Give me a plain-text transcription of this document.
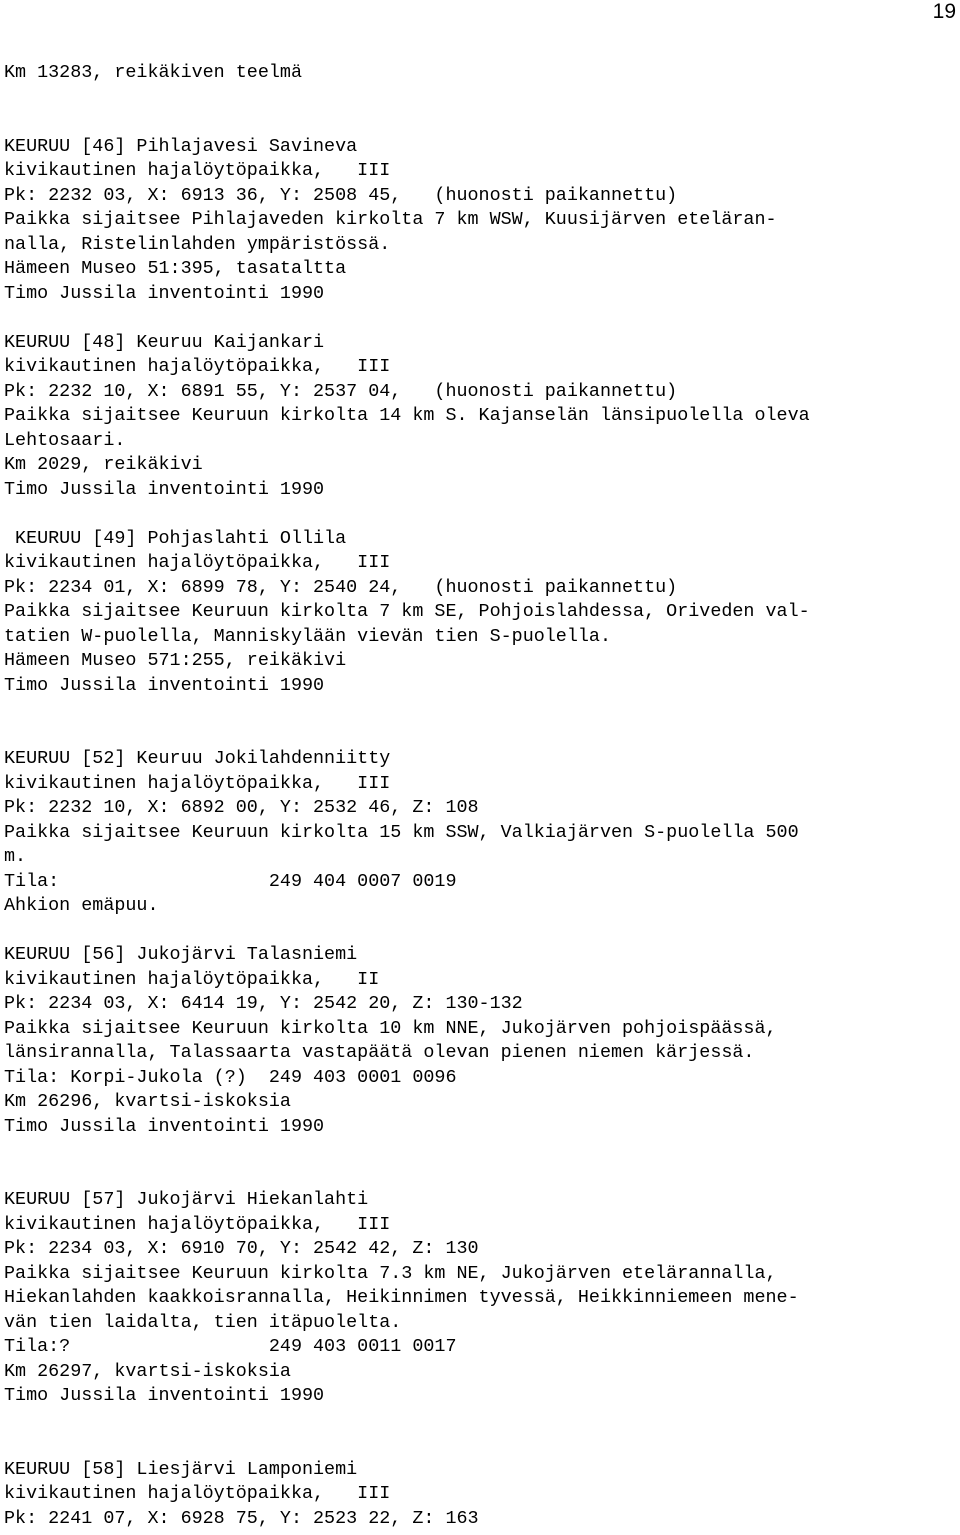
19
Km 13283, reikäkiven teelmä
KEURUU [46] Pihlajavesi Savineva
kivikautinen hajalöytöpaikka,   III
Pk: 2232 03, X: 6913 36, Y: 2508 45,   (huonosti paikannettu)
Paikka sijaitsee Pihlajaveden kirkolta 7 km WSW, Kuusijärven eteläran-
nalla, Ristelinlahden ympäristössä.
Hämeen Museo 51:395, tasataltta
Timo Jussila inventointi 1990
KEURUU [48] Keuruu Kaijankari
kivikautinen hajalöytöpaikka,   III
Pk: 2232 10, X: 6891 55, Y: 2537 04,   (huonosti paikannettu)
Paikka sijaitsee Keuruun kirkolta 14 km S. Kajanselän länsipuolella oleva
Lehtosaari.
Km 2029, reikäkivi
Timo Jussila inventointi 1990
KEURUU [49] Pohjaslahti Ollila
kivikautinen hajalöytöpaikka,   III
Pk: 2234 01, X: 6899 78, Y: 2540 24,   (huonosti paikannettu)
Paikka sijaitsee Keuruun kirkolta 7 km SE, Pohjoislahdessa, Oriveden val-
tatien W-puolella, Manniskylään vievän tien S-puolella.
Hämeen Museo 571:255, reikäkivi
Timo Jussila inventointi 1990
KEURUU [52] Keuruu Jokilahdenniitty
kivikautinen hajalöytöpaikka,   III
Pk: 2232 10, X: 6892 00, Y: 2532 46, Z: 108
Paikka sijaitsee Keuruun kirkolta 15 km SSW, Valkiajärven S-puolella 500
m.
Tila:                   249 404 0007 0019
Ahkion emäpuu.
KEURUU [56] Jukojärvi Talasniemi
kivikautinen hajalöytöpaikka,   II
Pk: 2234 03, X: 6414 19, Y: 2542 20, Z: 130-132
Paikka sijaitsee Keuruun kirkolta 10 km NNE, Jukojärven pohjoispäässä,
länsirannalla, Talassaarta vastapäätä olevan pienen niemen kärjessä.
Tila: Korpi-Jukola (?)  249 403 0001 0096
Km 26296, kvartsi-iskoksia
Timo Jussila inventointi 1990
KEURUU [57] Jukojärvi Hiekanlahti
kivikautinen hajalöytöpaikka,   III
Pk: 2234 03, X: 6910 70, Y: 2542 42, Z: 130
Paikka sijaitsee Keuruun kirkolta 7.3 km NE, Jukojärven etelärannalla,
Hiekanlahden kaakkoisrannalla, Heikinnimen tyvessä, Heikkinniemeen mene-
vän tien laidalta, tien itäpuolelta.
Tila:?                  249 403 0011 0017
Km 26297, kvartsi-iskoksia
Timo Jussila inventointi 1990
KEURUU [58] Liesjärvi Lamponiemi
kivikautinen hajalöytöpaikka,   III
Pk: 2241 07, X: 6928 75, Y: 2523 22, Z: 163
